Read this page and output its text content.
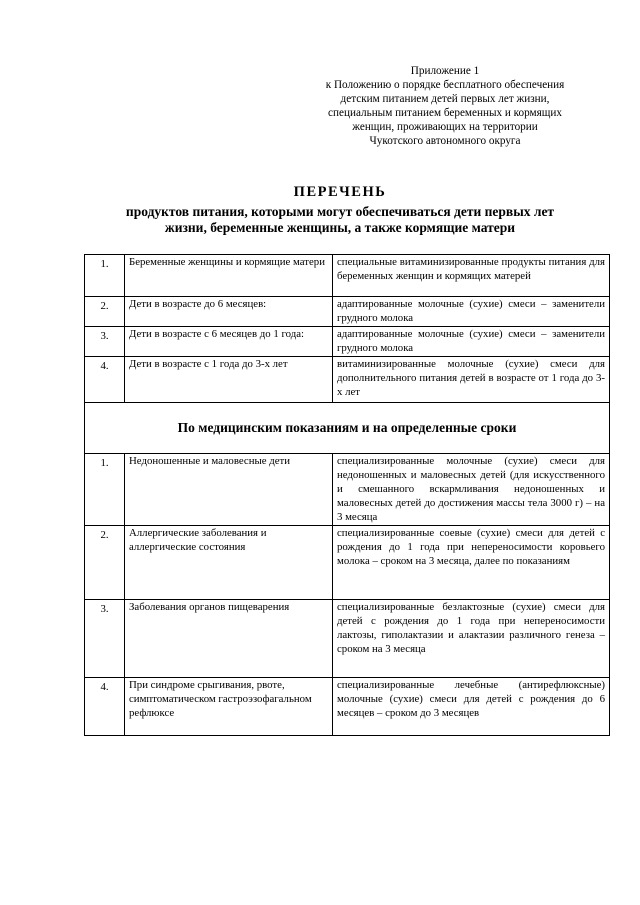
Приложение 1
к Положению о порядке бесплатного обеспечения
детским питанием детей первых лет жизни,
специальным питанием беременных и кормящих
женщин, проживающих на территории
Чукотского автономного округа
ПЕРЕЧЕНЬ
продуктов питания, которыми могут обеспечиваться дети первых лет
жизни, беременные женщины, а также кормящие матери
1.	Беременные женщины и кормящие матери	специальные витаминизированные продукты питания для беременных женщин и кормящих матерей
2.	Дети в возрасте до 6 месяцев:	адаптированные молочные (сухие) смеси – заменители грудного молока
3.	Дети в возрасте с 6 месяцев до 1 года:	адаптированные молочные (сухие) смеси – заменители грудного молока
4.	Дети в возрасте с 1 года до 3-х лет	витаминизированные молочные (сухие) смеси для дополнительного питания детей в возрасте от 1 года до 3-х лет
По медицинским показаниям и на определенные сроки		
1.	Недоношенные и маловесные дети	специализированные молочные (сухие) смеси для недоношенных и маловесных детей (для искусственного и смешанного вскармливания недоношенных и маловесных детей до достижения массы тела 3000 г) – на 3 месяца
2.	Аллергические заболевания и аллергические состояния	специализированные соевые (сухие) смеси для детей с рождения до 1 года при непереносимости коровьего молока – сроком на 3 месяца, далее по показаниям
3.	Заболевания органов пищеварения	специализированные безлактозные (сухие) смеси для детей с рождения до 1 года при непереносимости лактозы, гиполактазии и алактазии различного генеза – сроком на 3 месяца
4.	При синдроме срыгивания, рвоте, симптоматическом гастроэзофагальном рефлюксе	специализированные лечебные (антирефлюксные) молочные (сухие) смеси для детей с рождения до 6 месяцев – сроком до 3 месяцев
